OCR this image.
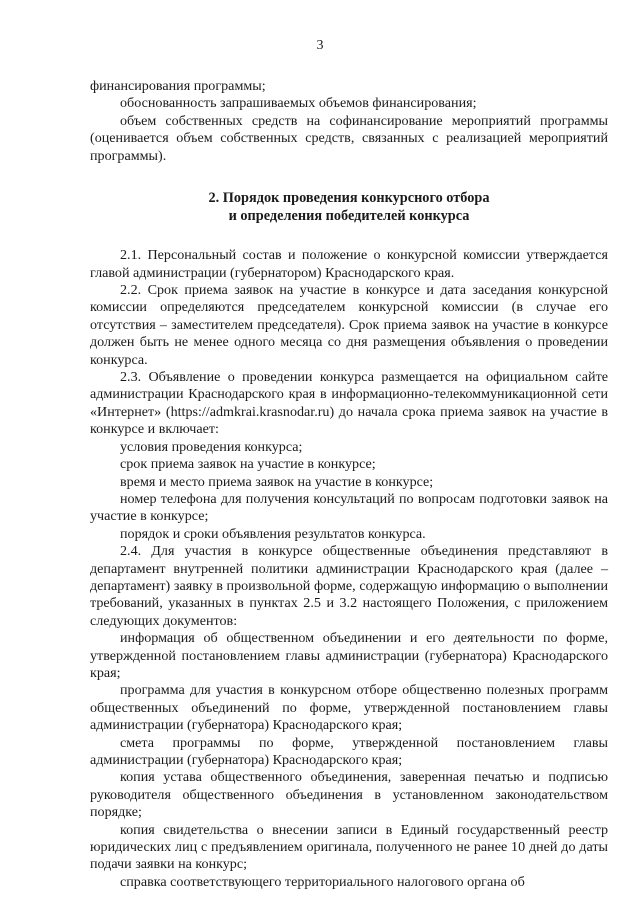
3

финансирования программы;

обоснованность запрашиваемых объемов финансирования;

объем собственных средств на софинансирование мероприятий программы (оценивается объем собственных средств, связанных с реализацией мероприятий программы).

2. Порядок проведения конкурсного отбора
и определения победителей конкурса

2.1. Персональный состав и положение о конкурсной комиссии утверждается главой администрации (губернатором) Краснодарского края.

2.2. Срок приема заявок на участие в конкурсе и дата заседания конкурсной комиссии определяются председателем конкурсной комиссии (в случае его отсутствия – заместителем председателя). Срок приема заявок на участие в конкурсе должен быть не менее одного месяца со дня размещения объявления о проведении конкурса.

2.3. Объявление о проведении конкурса размещается на официальном сайте администрации Краснодарского края в информационно-телекоммуникационной сети «Интернет» (https://admkrai.krasnodar.ru) до начала срока приема заявок на участие в конкурсе и включает:

условия проведения конкурса;

срок приема заявок на участие в конкурсе;

время и место приема заявок на участие в конкурсе;

номер телефона для получения консультаций по вопросам подготовки заявок на участие в конкурсе;

порядок и сроки объявления результатов конкурса.

2.4. Для участия в конкурсе общественные объединения представляют в департамент внутренней политики администрации Краснодарского края (далее – департамент) заявку в произвольной форме, содержащую информацию о выполнении требований, указанных в пунктах 2.5 и 3.2 настоящего Положения, с приложением следующих документов:

информация об общественном объединении и его деятельности по форме, утвержденной постановлением главы администрации (губернатора) Краснодарского края;

программа для участия в конкурсном отборе общественно полезных программ общественных объединений по форме, утвержденной постановлением главы администрации (губернатора) Краснодарского края;

смета программы по форме, утвержденной постановлением главы администрации (губернатора) Краснодарского края;

копия устава общественного объединения, заверенная печатью и подписью руководителя общественного объединения в установленном законодательством порядке;

копия свидетельства о внесении записи в Единый государственный реестр юридических лиц с предъявлением оригинала, полученного не ранее 10 дней до даты подачи заявки на конкурс;

справка соответствующего территориального налогового органа об
